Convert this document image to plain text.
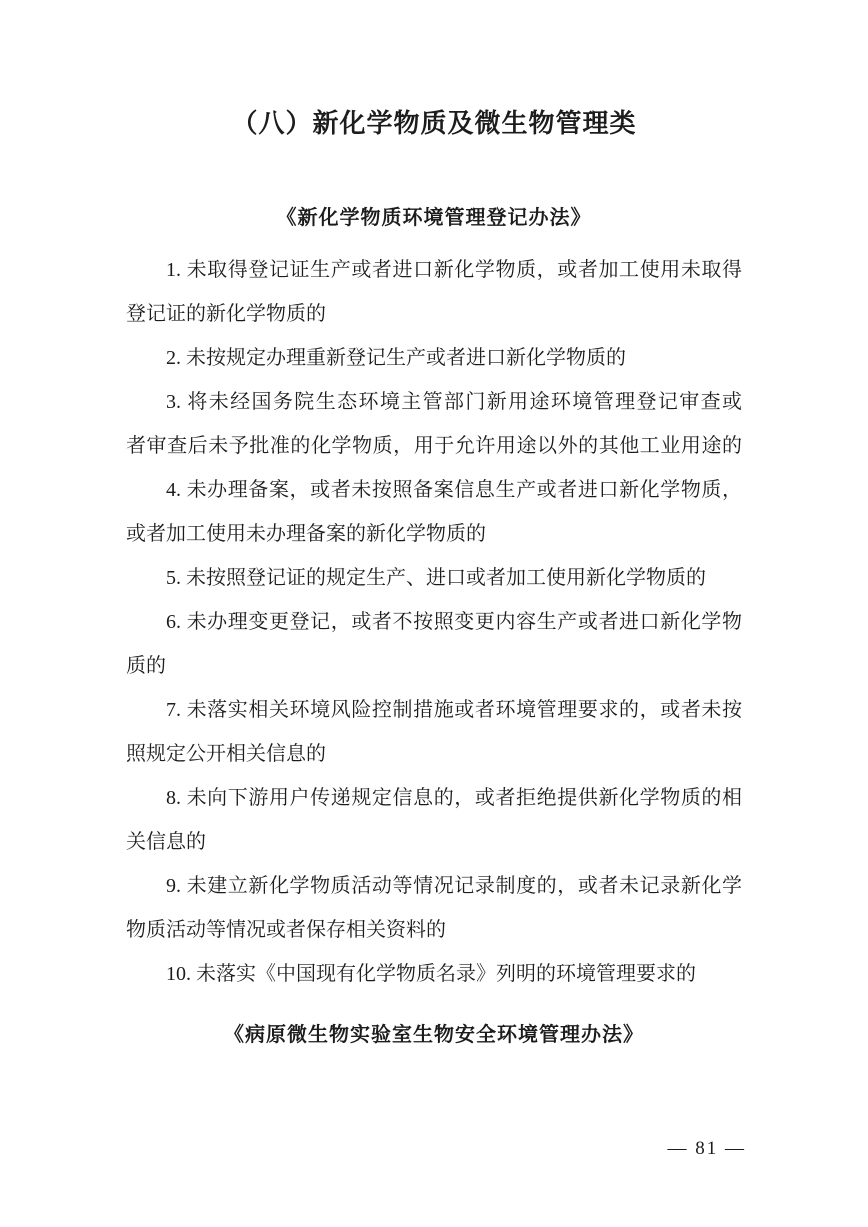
（八）新化学物质及微生物管理类
《新化学物质环境管理登记办法》
1. 未取得登记证生产或者进口新化学物质，或者加工使用未取得
登记证的新化学物质的
2. 未按规定办理重新登记生产或者进口新化学物质的
3. 将未经国务院生态环境主管部门新用途环境管理登记审查或
者审查后未予批准的化学物质，用于允许用途以外的其他工业用途的
4. 未办理备案，或者未按照备案信息生产或者进口新化学物质，
或者加工使用未办理备案的新化学物质的
5. 未按照登记证的规定生产、进口或者加工使用新化学物质的
6. 未办理变更登记，或者不按照变更内容生产或者进口新化学物
质的
7. 未落实相关环境风险控制措施或者环境管理要求的，或者未按
照规定公开相关信息的
8. 未向下游用户传递规定信息的，或者拒绝提供新化学物质的相
关信息的
9. 未建立新化学物质活动等情况记录制度的，或者未记录新化学
物质活动等情况或者保存相关资料的
10. 未落实《中国现有化学物质名录》列明的环境管理要求的
《病原微生物实验室生物安全环境管理办法》
— 81 —
